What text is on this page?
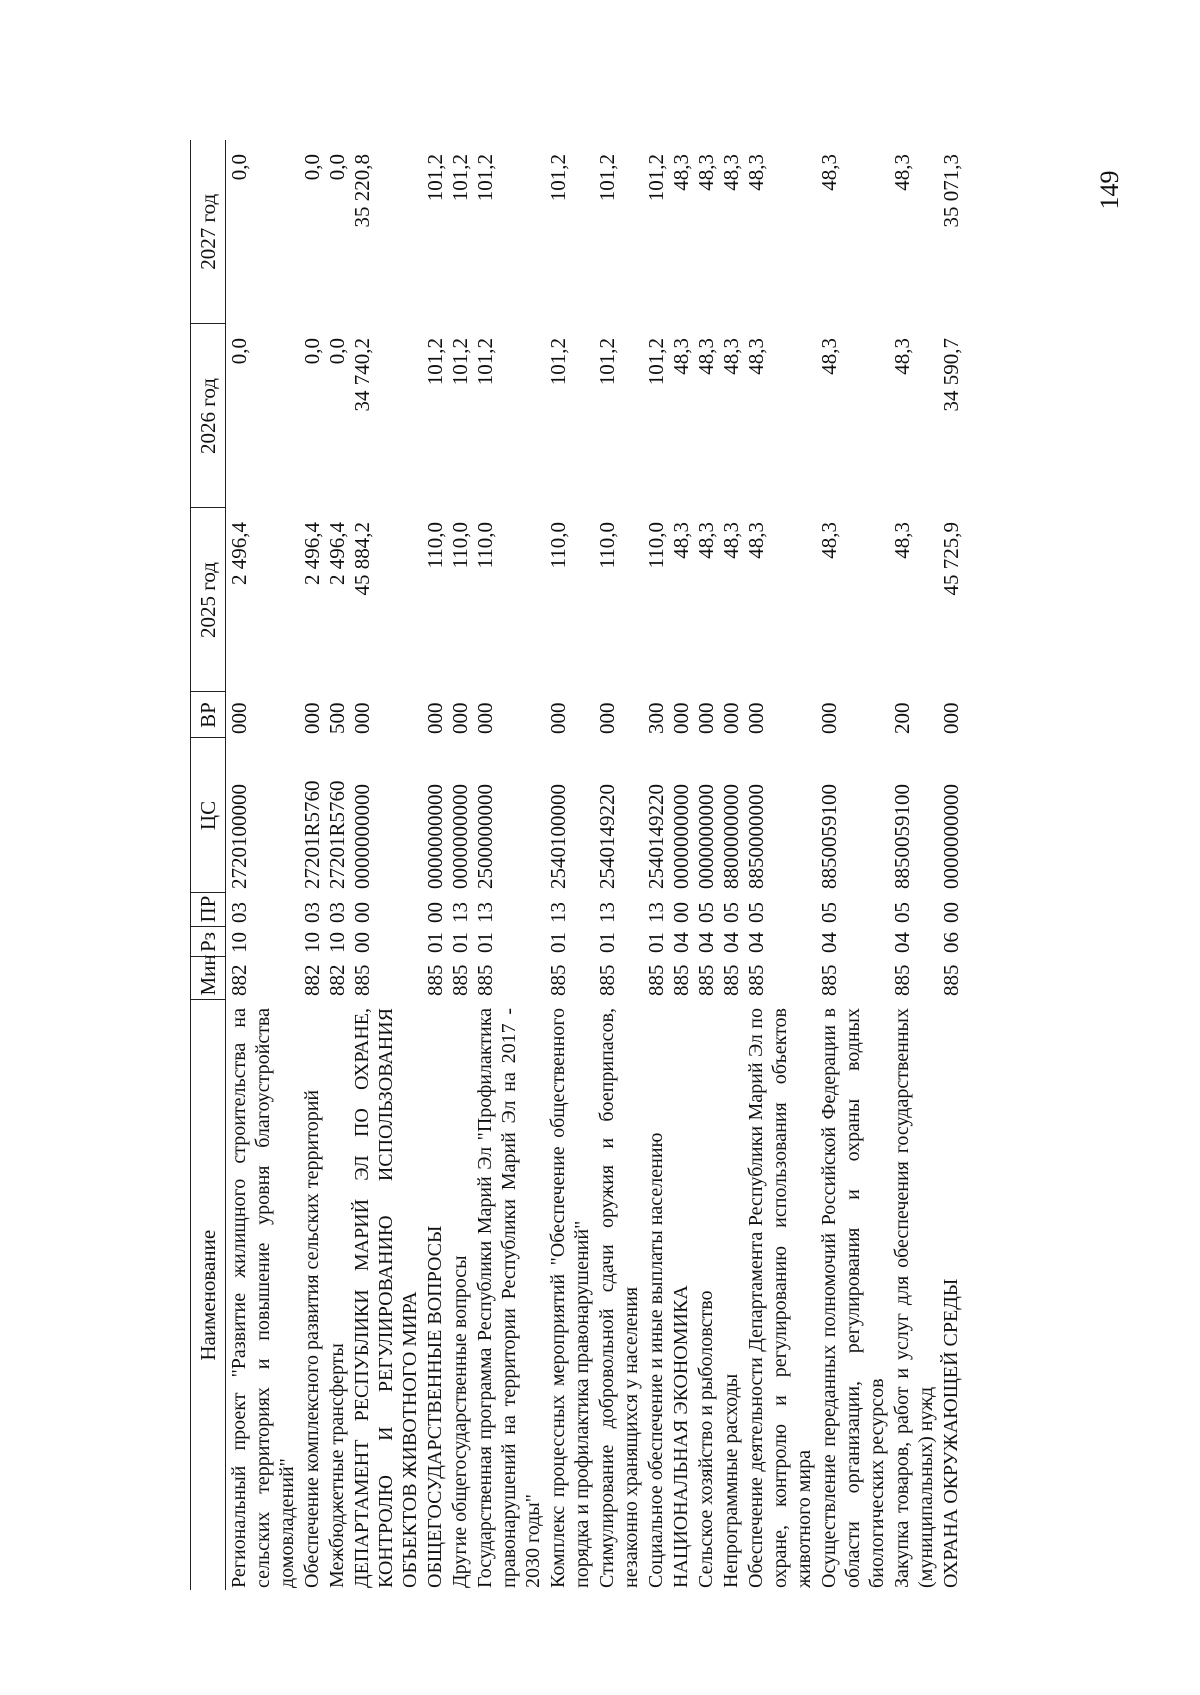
149
Наименование	Мин	Рз	ПР	ЦС	ВР	2025 год	2026 год	2027 год
Региональный проект "Развитие жилищного строительства на сельских территориях и повышение уровня благоустройства домовладений"	882	10	03	2720100000	000	2 496,4	0,0	0,0
Обеспечение комплексного развития сельских территорий	882	10	03	27201R5760	000	2 496,4	0,0	0,0
Межбюджетные трансферты	882	10	03	27201R5760	500	2 496,4	0,0	0,0
ДЕПАРТАМЕНТ РЕСПУБЛИКИ МАРИЙ ЭЛ ПО ОХРАНЕ, КОНТРОЛЮ И РЕГУЛИРОВАНИЮ ИСПОЛЬЗОВАНИЯ ОБЪЕКТОВ ЖИВОТНОГО МИРА	885	00	00	0000000000	000	45 884,2	34 740,2	35 220,8
ОБЩЕГОСУДАРСТВЕННЫЕ ВОПРОСЫ	885	01	00	0000000000	000	110,0	101,2	101,2
Другие общегосударственные вопросы	885	01	13	0000000000	000	110,0	101,2	101,2
Государственная программа Республики Марий Эл "Профилактика правонарушений на территории Республики Марий Эл на 2017 - 2030 годы"	885	01	13	2500000000	000	110,0	101,2	101,2
Комплекс процессных мероприятий "Обеспечение общественного порядка и профилактика правонарушений"	885	01	13	2540100000	000	110,0	101,2	101,2
Стимулирование добровольной сдачи оружия и боеприпасов, незаконно хранящихся у населения	885	01	13	2540149220	000	110,0	101,2	101,2
Социальное обеспечение и иные выплаты населению	885	01	13	2540149220	300	110,0	101,2	101,2
НАЦИОНАЛЬНАЯ ЭКОНОМИКА	885	04	00	0000000000	000	48,3	48,3	48,3
Сельское хозяйство и рыболовство	885	04	05	0000000000	000	48,3	48,3	48,3
Непрограммные расходы	885	04	05	8800000000	000	48,3	48,3	48,3
Обеспечение деятельности Департамента Республики Марий Эл по охране, контролю и регулированию использования объектов животного мира	885	04	05	8850000000	000	48,3	48,3	48,3
Осуществление переданных полномочий Российской Федерации в области организации, регулирования и охраны водных биологических ресурсов	885	04	05	8850059100	000	48,3	48,3	48,3
Закупка товаров, работ и услуг для обеспечения государственных (муниципальных) нужд	885	04	05	8850059100	200	48,3	48,3	48,3
ОХРАНА ОКРУЖАЮЩЕЙ СРЕДЫ	885	06	00	0000000000	000	45 725,9	34 590,7	35 071,3
